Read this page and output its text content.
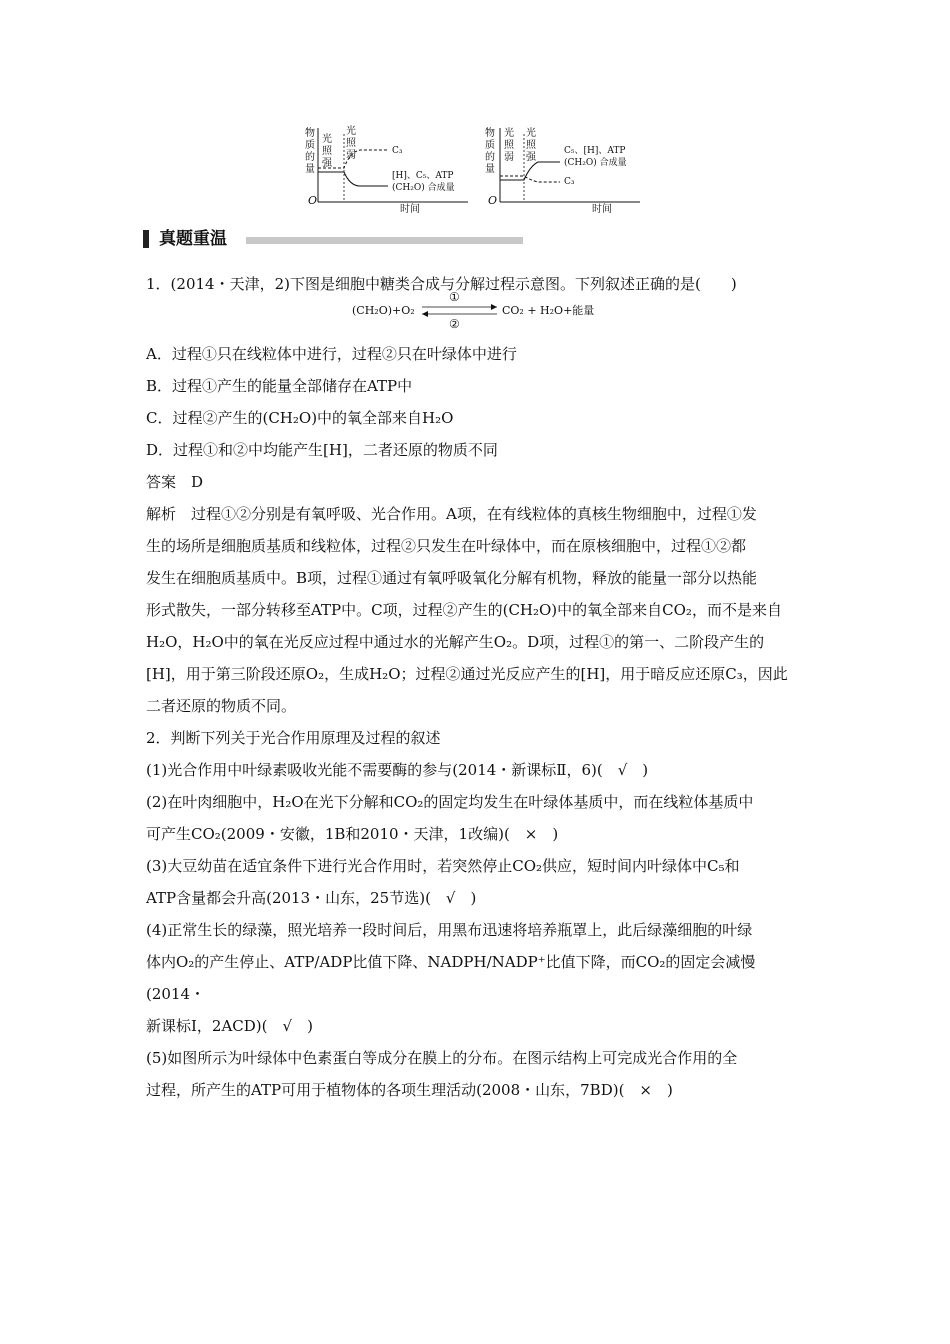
物
质
的
量
光
照
强
光
照
弱	C₃
[H]、C₅、ATP
(CH₂O) 合成量
O
时间
物
质
的
量
光
照
弱
光
照
强
C₅、[H]、ATP
(CH₂O) 合成量
C₃
O
时间
真题重温

1．(2014・天津，2)下图是细胞中糖类合成与分解过程示意图。下列叙述正确的是(　　)

①
(CH₂O)+O₂	CO₂ + H₂O+能量
②

A．过程①只在线粒体中进行，过程②只在叶绿体中进行

B．过程①产生的能量全部储存在ATP中

C．过程②产生的(CH₂O)中的氧全部来自H₂O

D．过程①和②中均能产生[H]，二者还原的物质不同

答案　D

解析　过程①②分别是有氧呼吸、光合作用。A项，在有线粒体的真核生物细胞中，过程①发

生的场所是细胞质基质和线粒体，过程②只发生在叶绿体中，而在原核细胞中，过程①②都

发生在细胞质基质中。B项，过程①通过有氧呼吸氧化分解有机物，释放的能量一部分以热能

形式散失，一部分转移至ATP中。C项，过程②产生的(CH₂O)中的氧全部来自CO₂，而不是来自

H₂O，H₂O中的氧在光反应过程中通过水的光解产生O₂。D项，过程①的第一、二阶段产生的

[H]，用于第三阶段还原O₂，生成H₂O；过程②通过光反应产生的[H]，用于暗反应还原C₃，因此

二者还原的物质不同。

2．判断下列关于光合作用原理及过程的叙述

(1)光合作用中叶绿素吸收光能不需要酶的参与(2014・新课标Ⅱ，6)(　√　)

(2)在叶肉细胞中，H₂O在光下分解和CO₂的固定均发生在叶绿体基质中，而在线粒体基质中

可产生CO₂(2009・安徽，1B和2010・天津，1改编)(　×　)

(3)大豆幼苗在适宜条件下进行光合作用时，若突然停止CO₂供应，短时间内叶绿体中C₅和

ATP含量都会升高(2013・山东，25节选)(　√　)

(4)正常生长的绿藻，照光培养一段时间后，用黑布迅速将培养瓶罩上，此后绿藻细胞的叶绿

体内O₂的产生停止、ATP/ADP比值下降、NADPH/NADP⁺比值下降，而CO₂的固定会减慢(2014・

新课标Ⅰ，2ACD)(　√　)

(5)如图所示为叶绿体中色素蛋白等成分在膜上的分布。在图示结构上可完成光合作用的全

过程，所产生的ATP可用于植物体的各项生理活动(2008・山东，7BD)(　×　)
